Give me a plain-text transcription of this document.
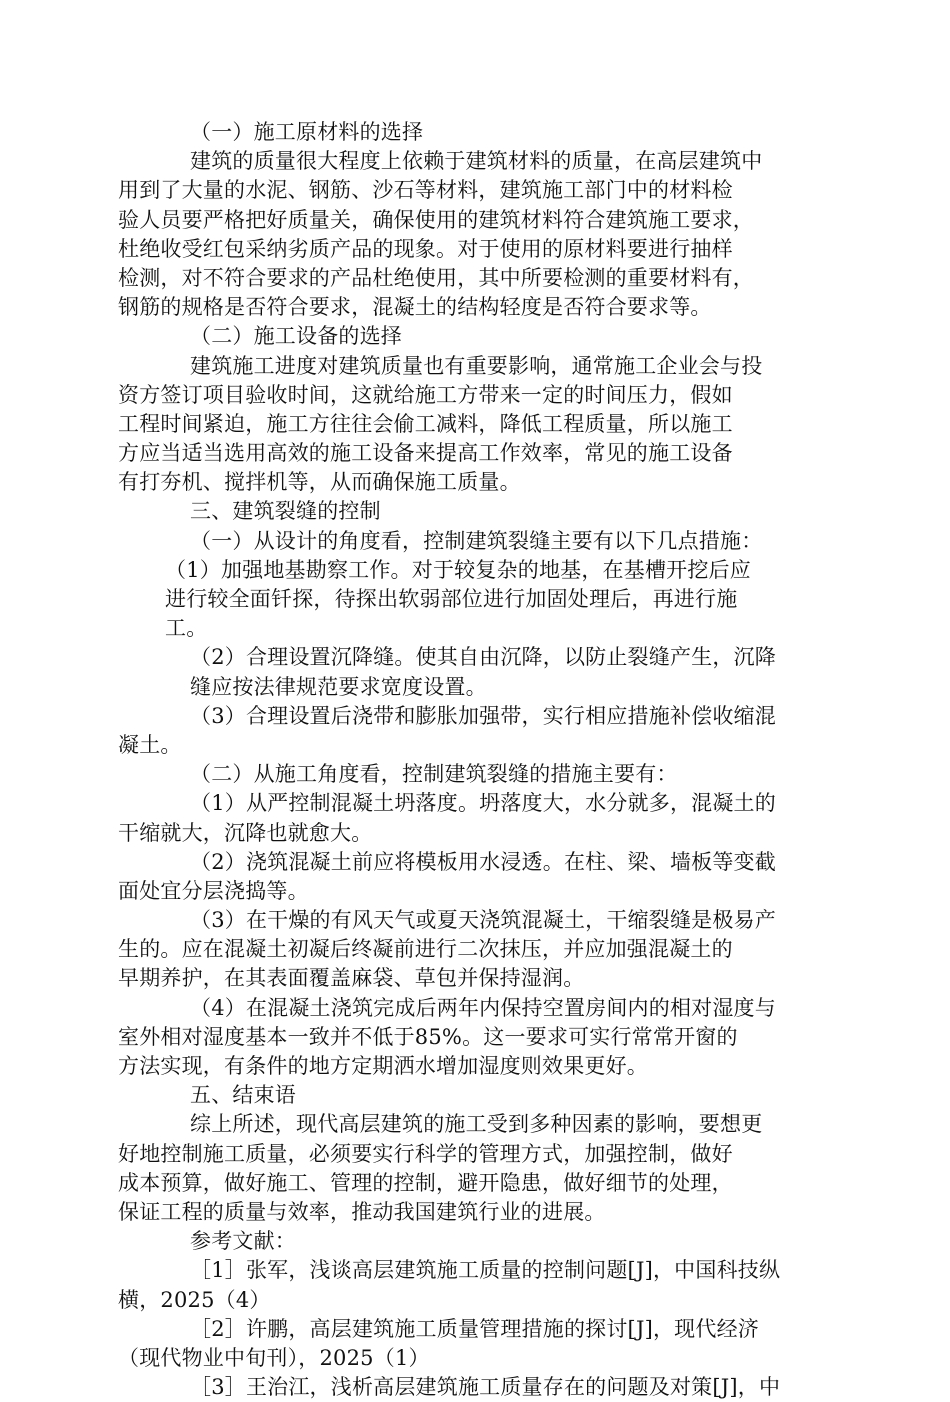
（一）施工原材料的选择
建筑的质量很大程度上依赖于建筑材料的质量，在高层建筑中
用到了大量的水泥、钢筋、沙石等材料，建筑施工部门中的材料检
验人员要严格把好质量关，确保使用的建筑材料符合建筑施工要求，
杜绝收受红包采纳劣质产品的现象。对于使用的原材料要进行抽样
检测，对不符合要求的产品杜绝使用，其中所要检测的重要材料有，
钢筋的规格是否符合要求，混凝土的结构轻度是否符合要求等。
（二）施工设备的选择
建筑施工进度对建筑质量也有重要影响，通常施工企业会与投
资方签订项目验收时间，这就给施工方带来一定的时间压力，假如
工程时间紧迫，施工方往往会偷工减料，降低工程质量，所以施工
方应当适当选用高效的施工设备来提高工作效率，常见的施工设备
有打夯机、搅拌机等，从而确保施工质量。
三、建筑裂缝的控制
（一）从设计的角度看，控制建筑裂缝主要有以下几点措施：
（1）加强地基勘察工作。对于较复杂的地基，在基槽开挖后应
进行较全面钎探，待探出软弱部位进行加固处理后，再进行施
工。
（2）合理设置沉降缝。使其自由沉降，以防止裂缝产生，沉降
缝应按法律规范要求宽度设置。
（3）合理设置后浇带和膨胀加强带，实行相应措施补偿收缩混
凝土。
（二）从施工角度看，控制建筑裂缝的措施主要有：
（1）从严控制混凝土坍落度。坍落度大，水分就多，混凝土的
干缩就大，沉降也就愈大。
（2）浇筑混凝土前应将模板用水浸透。在柱、梁、墙板等变截
面处宜分层浇捣等。
（3）在干燥的有风天气或夏天浇筑混凝土，干缩裂缝是极易产
生的。应在混凝土初凝后终凝前进行二次抹压，并应加强混凝土的
早期养护，在其表面覆盖麻袋、草包并保持湿润。
（4）在混凝土浇筑完成后两年内保持空置房间内的相对湿度与
室外相对湿度基本一致并不低于85%。这一要求可实行常常开窗的
方法实现，有条件的地方定期洒水增加湿度则效果更好。
五、结束语
综上所述，现代高层建筑的施工受到多种因素的影响，要想更
好地控制施工质量，必须要实行科学的管理方式，加强控制，做好
成本预算，做好施工、管理的控制，避开隐患，做好细节的处理，
保证工程的质量与效率，推动我国建筑行业的进展。
参考文献：
［1］张军，浅谈高层建筑施工质量的控制问题[J]，中国科技纵
横，2025（4）
［2］许鹏，高层建筑施工质量管理措施的探讨[J]，现代经济
（现代物业中旬刊），2025（1）
［3］王治江，浅析高层建筑施工质量存在的问题及对策[J]，中
